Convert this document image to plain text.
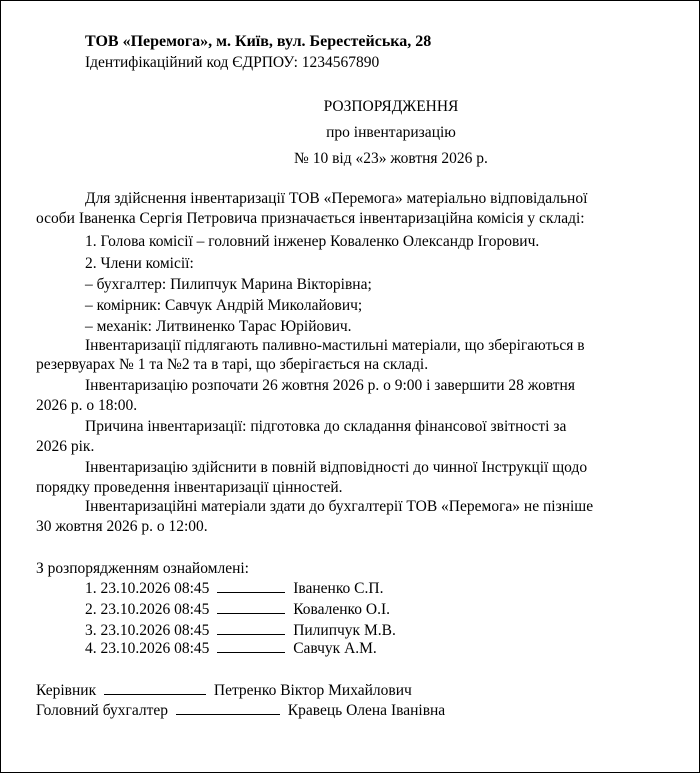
ТОВ «Перемога», м. Київ, вул. Берестейська, 28
Ідентифікаційний код ЄДРПОУ: 1234567890
РОЗПОРЯДЖЕННЯ
про інвентаризацію
№ 10 від «23» жовтня 2026 р.
Для здійснення інвентаризації ТОВ «Перемога» матеріально відповідальної
особи Іваненка Сергія Петровича призначається інвентаризаційна комісія у складі:
1. Голова комісії – головний інженер Коваленко Олександр Ігорович.
2. Члени комісії:
– бухгалтер: Пилипчук Марина Вікторівна;
– комірник: Савчук Андрій Миколайович;
– механік: Литвиненко Тарас Юрійович.
Інвентаризації підлягають паливно-мастильні матеріали, що зберігаються в
резервуарах № 1 та №2 та в тарі, що зберігається на складі.
Інвентаризацію розпочати 26 жовтня 2026 р. о 9:00 і завершити 28 жовтня
2026 р. о 18:00.
Причина інвентаризації: підготовка до складання фінансової звітності за
2026 рік.
Інвентаризацію здійснити в повній відповідності до чинної Інструкції щодо
порядку проведення інвентаризації цінностей.
Інвентаризаційні матеріали здати до бухгалтерії ТОВ «Перемога» не пізніше
30 жовтня 2026 р. о 12:00.
З розпорядженням ознайомлені:
1. 23.10.2026 08:45	Іваненко С.П.
2. 23.10.2026 08:45	Коваленко О.І.
3. 23.10.2026 08:45	Пилипчук М.В.
4. 23.10.2026 08:45	Савчук А.М.
Керівник	Петренко Віктор Михайлович
Головний бухгалтер	Кравець Олена Іванівна
